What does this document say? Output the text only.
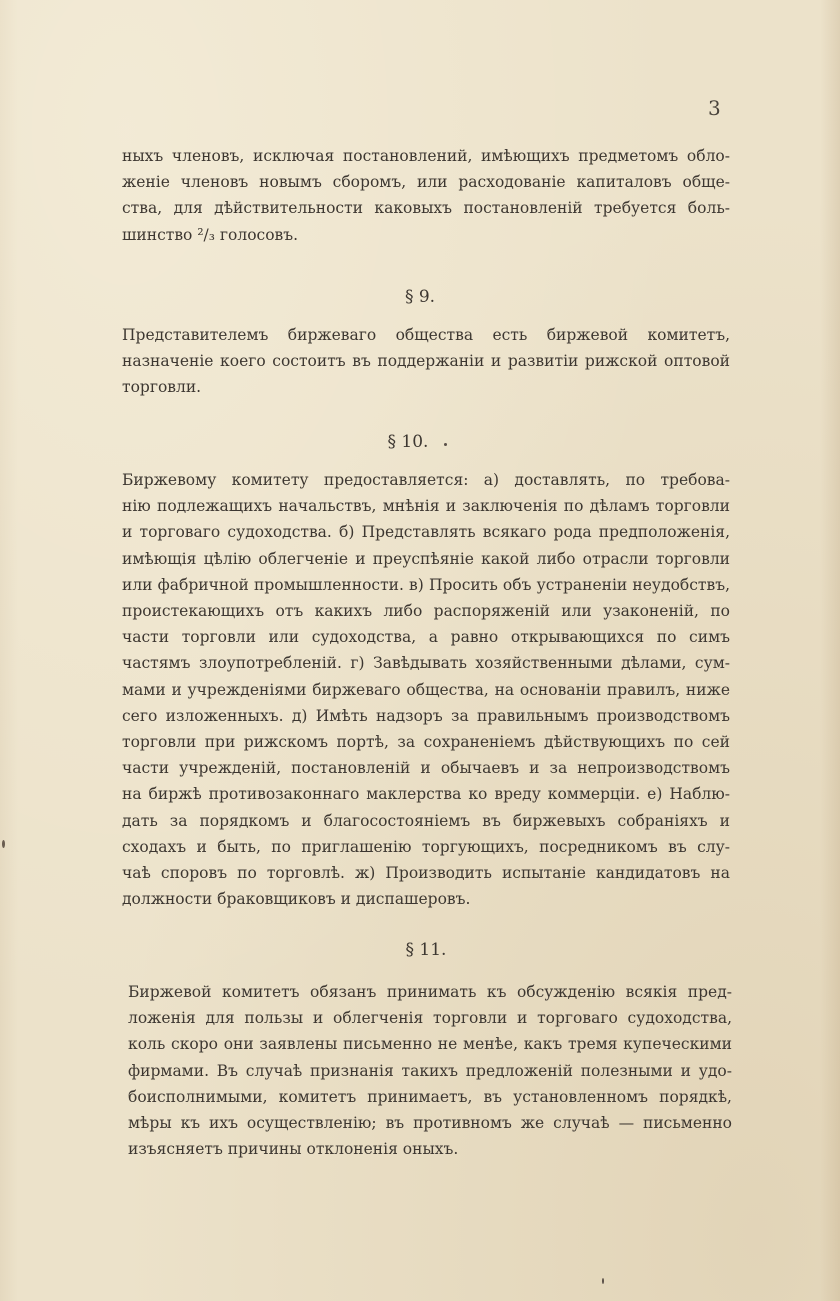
3

ныхъ членовъ, исключая постановлений, имѣющихъ предметомъ обло-
женіе членовъ новымъ сборомъ, или расходованіе капиталовъ обще-
ства, для дѣйствительности каковыхъ постановленій требуется боль-
шинство ²/₃ голосовъ.

§ 9.

Представителемъ биржеваго общества есть биржевой комитетъ,
назначеніе коего состоитъ въ поддержаніи и развитіи рижской оптовой
торговли.

§ 10.

Биржевому комитету предоставляется: а) доставлять, по требова-
нію подлежащихъ начальствъ, мнѣнія и заключенія по дѣламъ торговли
и торговаго судоходства. б) Представлять всякаго рода предположенія,
имѣющія цѣлію облегченіе и преуспѣяніе какой либо отрасли торговли
или фабричной промышленности. в) Просить объ устраненіи неудобствъ,
проистекающихъ отъ какихъ либо распоряженій или узаконеній, по
части торговли или судоходства, а равно открывающихся по симъ
частямъ злоупотребленій. г) Завѣдывать хозяйственными дѣлами, сум-
мами и учрежденіями биржеваго общества, на основаніи правилъ, ниже
сего изложенныхъ. д) Имѣть надзоръ за правильнымъ производствомъ
торговли при рижскомъ портѣ, за сохраненіемъ дѣйствующихъ по сей
части учрежденій, постановленій и обычаевъ и за непроизводствомъ
на биржѣ противозаконнаго маклерства ко вреду коммерціи. е) Наблю-
дать за порядкомъ и благосостояніемъ въ биржевыхъ собраніяхъ и
сходахъ и быть, по приглашенію торгующихъ, посредникомъ въ слу-
чаѣ споровъ по торговлѣ. ж) Производить испытаніе кандидатовъ на
должности браковщиковъ и диспашеровъ.

§ 11.

Биржевой комитетъ обязанъ принимать къ обсужденію всякія пред-
ложенія для пользы и облегченія торговли и торговаго судоходства,
коль скоро они заявлены письменно не менѣе, какъ тремя купеческими
фирмами. Въ случаѣ признанія такихъ предложеній полезными и удо-
боисполнимыми, комитетъ принимаетъ, въ установленномъ порядкѣ,
мѣры къ ихъ осуществленію; въ противномъ же случаѣ — письменно
изъясняетъ причины отклоненія оныхъ.
